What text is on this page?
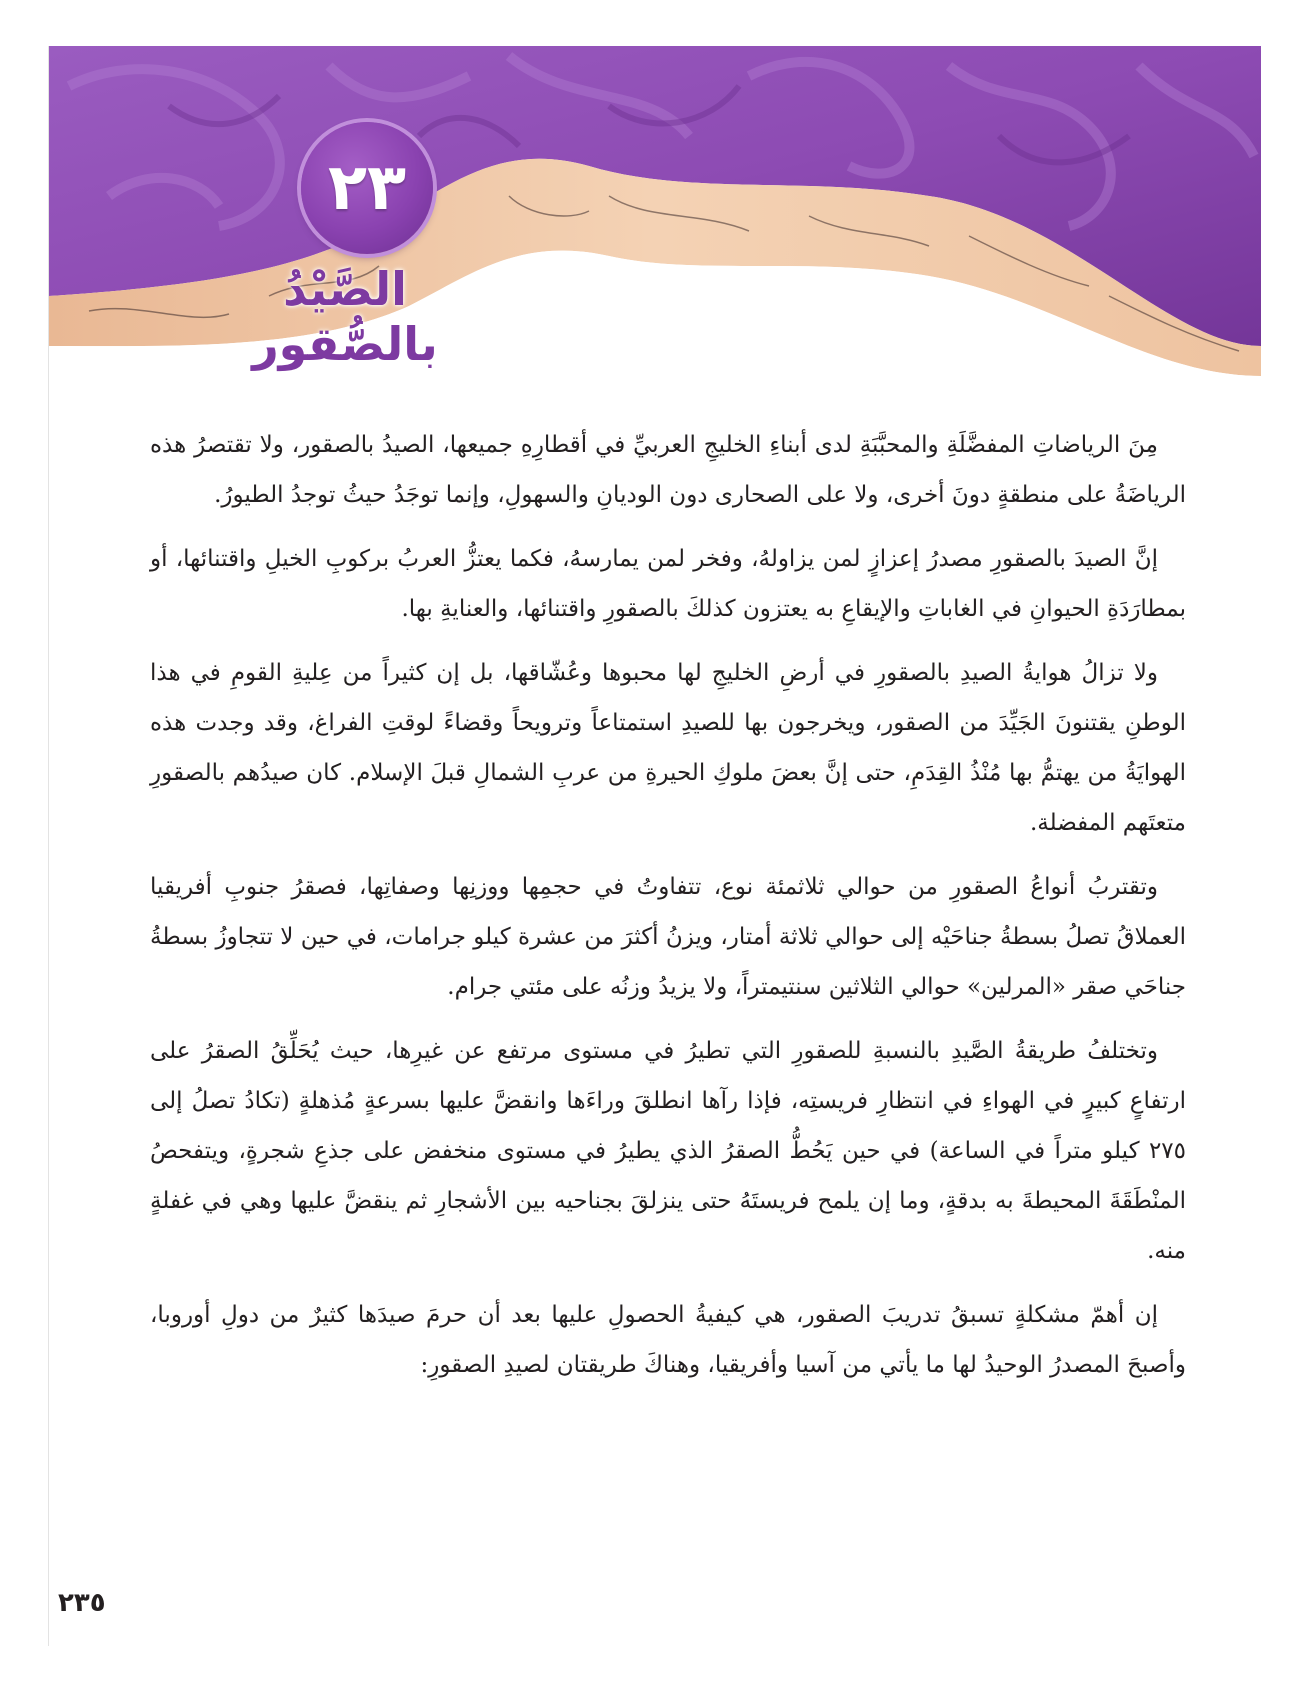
٢٣
الصَّيْدُ بالصُّقور

مِنَ الرياضاتِ المفضَّلَةِ والمحبَّبَةِ لدى أبناءِ الخليجِ العربيِّ في أقطارِهِ جميعها، الصيدُ بالصقور، ولا تقتصرُ هذه الرياضَةُ على منطقةٍ دونَ أخرى، ولا على الصحارى دون الوديانِ والسهولِ، وإنما توجَدُ حيثُ توجدُ الطيورُ.

إنَّ الصيدَ بالصقورِ مصدرُ إعزازٍ لمن يزاولهُ، وفخر لمن يمارسهُ، فكما يعتزُّ العربُ بركوبِ الخيلِ واقتنائها، أو بمطارَدَةِ الحيوانِ في الغاباتِ والإيقاعِ به يعتزون كذلكَ بالصقورِ واقتنائها، والعنايةِ بها.

ولا تزالُ هوايةُ الصيدِ بالصقورِ في أرضِ الخليجِ لها محبوها وعُشّاقها، بل إن كثيراً من عِليةِ القومِ في هذا الوطنِ يقتنونَ الجَيِّدَ من الصقور، ويخرجون بها للصيدِ استمتاعاً وترويحاً وقضاءً لوقتِ الفراغ، وقد وجدت هذه الهوايَةُ من يهتمُّ بها مُنْذُ القِدَمِ، حتى إنَّ بعضَ ملوكِ الحيرةِ من عربِ الشمالِ قبلَ الإسلام. كان صيدُهم بالصقورِ متعتَهم المفضلة.

وتقتربُ أنواعُ الصقورِ من حوالي ثلاثمئة نوع، تتفاوتُ في حجمِها ووزنِها وصفاتِها، فصقرُ جنوبِ أفريقيا العملاقُ تصلُ بسطةُ جناحَيْه إلى حوالي ثلاثة أمتار، ويزنُ أكثرَ من عشرة كيلو جرامات، في حين لا تتجاوزُ بسطةُ جناحَي صقر «المرلين» حوالي الثلاثين سنتيمتراً، ولا يزيدُ وزنُه على مئتي جرام.

وتختلفُ طريقةُ الصَّيدِ بالنسبةِ للصقورِ التي تطيرُ في مستوى مرتفع عن غيرِها، حيث يُحَلِّقُ الصقرُ على ارتفاعٍ كبيرٍ في الهواءِ في انتظارِ فريستِه، فإذا رآها انطلقَ وراءَها وانقضَّ عليها بسرعةٍ مُذهلةٍ (تكادُ تصلُ إلى ٢٧٥ كيلو متراً في الساعة) في حين يَحُطُّ الصقرُ الذي يطيرُ في مستوى منخفض على جذعِ شجرةٍ، ويتفحصُ المنْطَقَةَ المحيطةَ به بدقةٍ، وما إن يلمح فريستَهُ حتى ينزلقَ بجناحيه بين الأشجارِ ثم ينقضَّ عليها وهي في غفلةٍ منه.

إن أهمّ مشكلةٍ تسبقُ تدريبَ الصقور، هي كيفيةُ الحصولِ عليها بعد أن حرمَ صيدَها كثيرٌ من دولِ أوروبا، وأصبحَ المصدرُ الوحيدُ لها ما يأتي من آسيا وأفريقيا، وهناكَ طريقتان لصيدِ الصقورِ:

٢٣٥
